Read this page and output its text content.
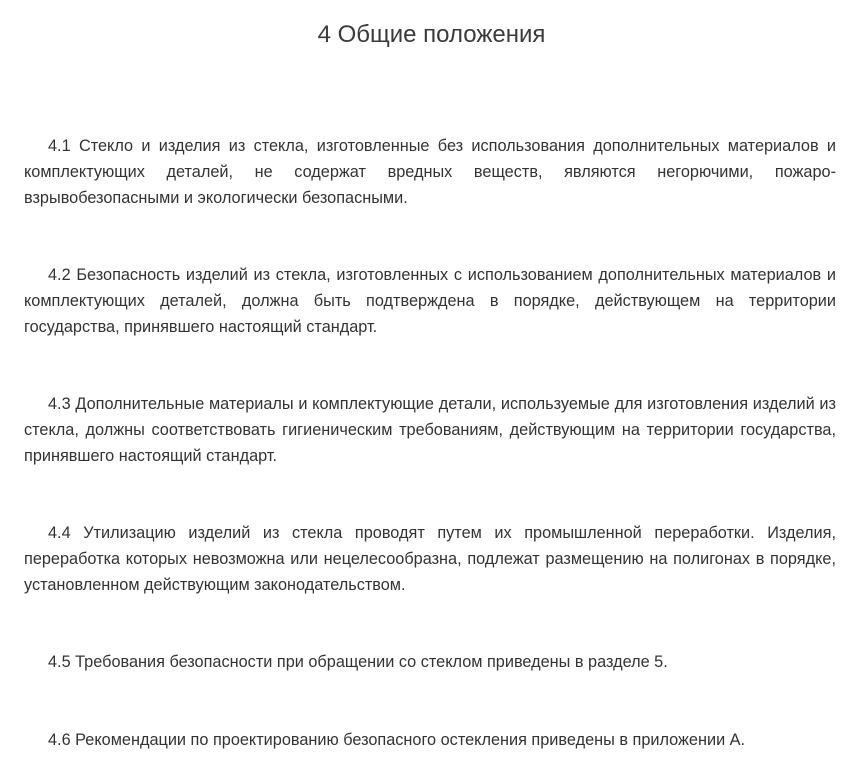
4 Общие положения

4.1 Стекло и изделия из стекла, изготовленные без использования дополнительных материалов и комплектующих деталей, не содержат вредных веществ, являются негорючими, пожаро-взрывобезопасными и экологически безопасными.

4.2 Безопасность изделий из стекла, изготовленных с использованием дополнительных материалов и комплектующих деталей, должна быть подтверждена в порядке, действующем на территории государства, принявшего настоящий стандарт.

4.3 Дополнительные материалы и комплектующие детали, используемые для изготовления изделий из стекла, должны соответствовать гигиеническим требованиям, действующим на территории государства, принявшего настоящий стандарт.

4.4 Утилизацию изделий из стекла проводят путем их промышленной переработки. Изделия, переработка которых невозможна или нецелесообразна, подлежат размещению на полигонах в порядке, установленном действующим законодательством.

4.5 Требования безопасности при обращении со стеклом приведены в разделе 5.

4.6 Рекомендации по проектированию безопасного остекления приведены в приложении А.
